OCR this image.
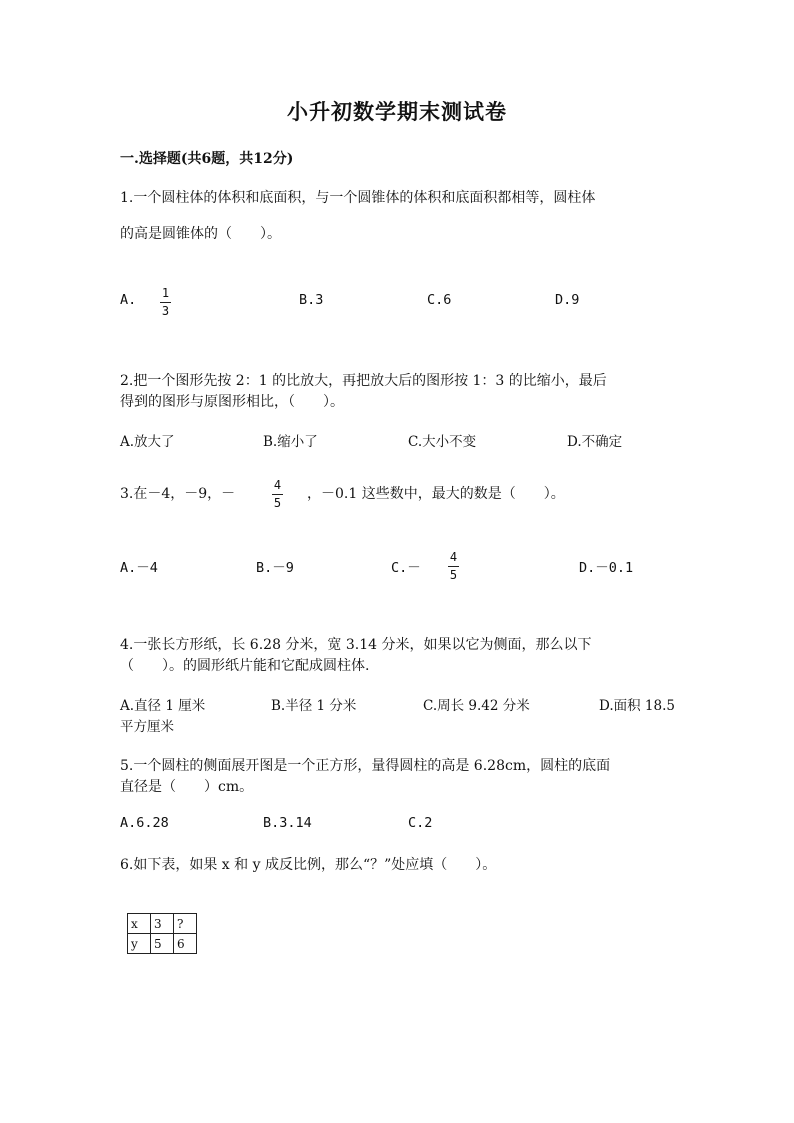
小升初数学期末测试卷
一.选择题(共6题，共12分)
1.一个圆柱体的体积和底面积，与一个圆锥体的体积和底面积都相等，圆柱体
的高是圆锥体的（　　）。
A. 1
3
B.3	C.6	D.9
2.把一个图形先按 2：1 的比放大，再把放大后的图形按 1：3 的比缩小，最后
得到的图形与原图形相比，（　　）。
A.放大了	B.缩小了	C.大小不变	D.不确定
3.在－4，－9，－
4
5
，－0.1 这些数中，最大的数是（　　）。
A.－4	B.－9	C.－
4
5	D.－0.1
4.一张长方形纸，长 6.28 分米，宽 3.14 分米，如果以它为侧面，那么以下
（　　）。的圆形纸片能和它配成圆柱体.
A.直径 1 厘米	B.半径 1 分米	C.周长 9.42 分米	D.面积 18.5
平方厘米
5.一个圆柱的侧面展开图是一个正方形，量得圆柱的高是 6.28cm，圆柱的底面
直径是（　　）cm。
A.6.28	B.3.14	C.2
6.如下表，如果 x 和 y 成反比例，那么“？”处应填（　　）。
x	3	?
y	5	6
